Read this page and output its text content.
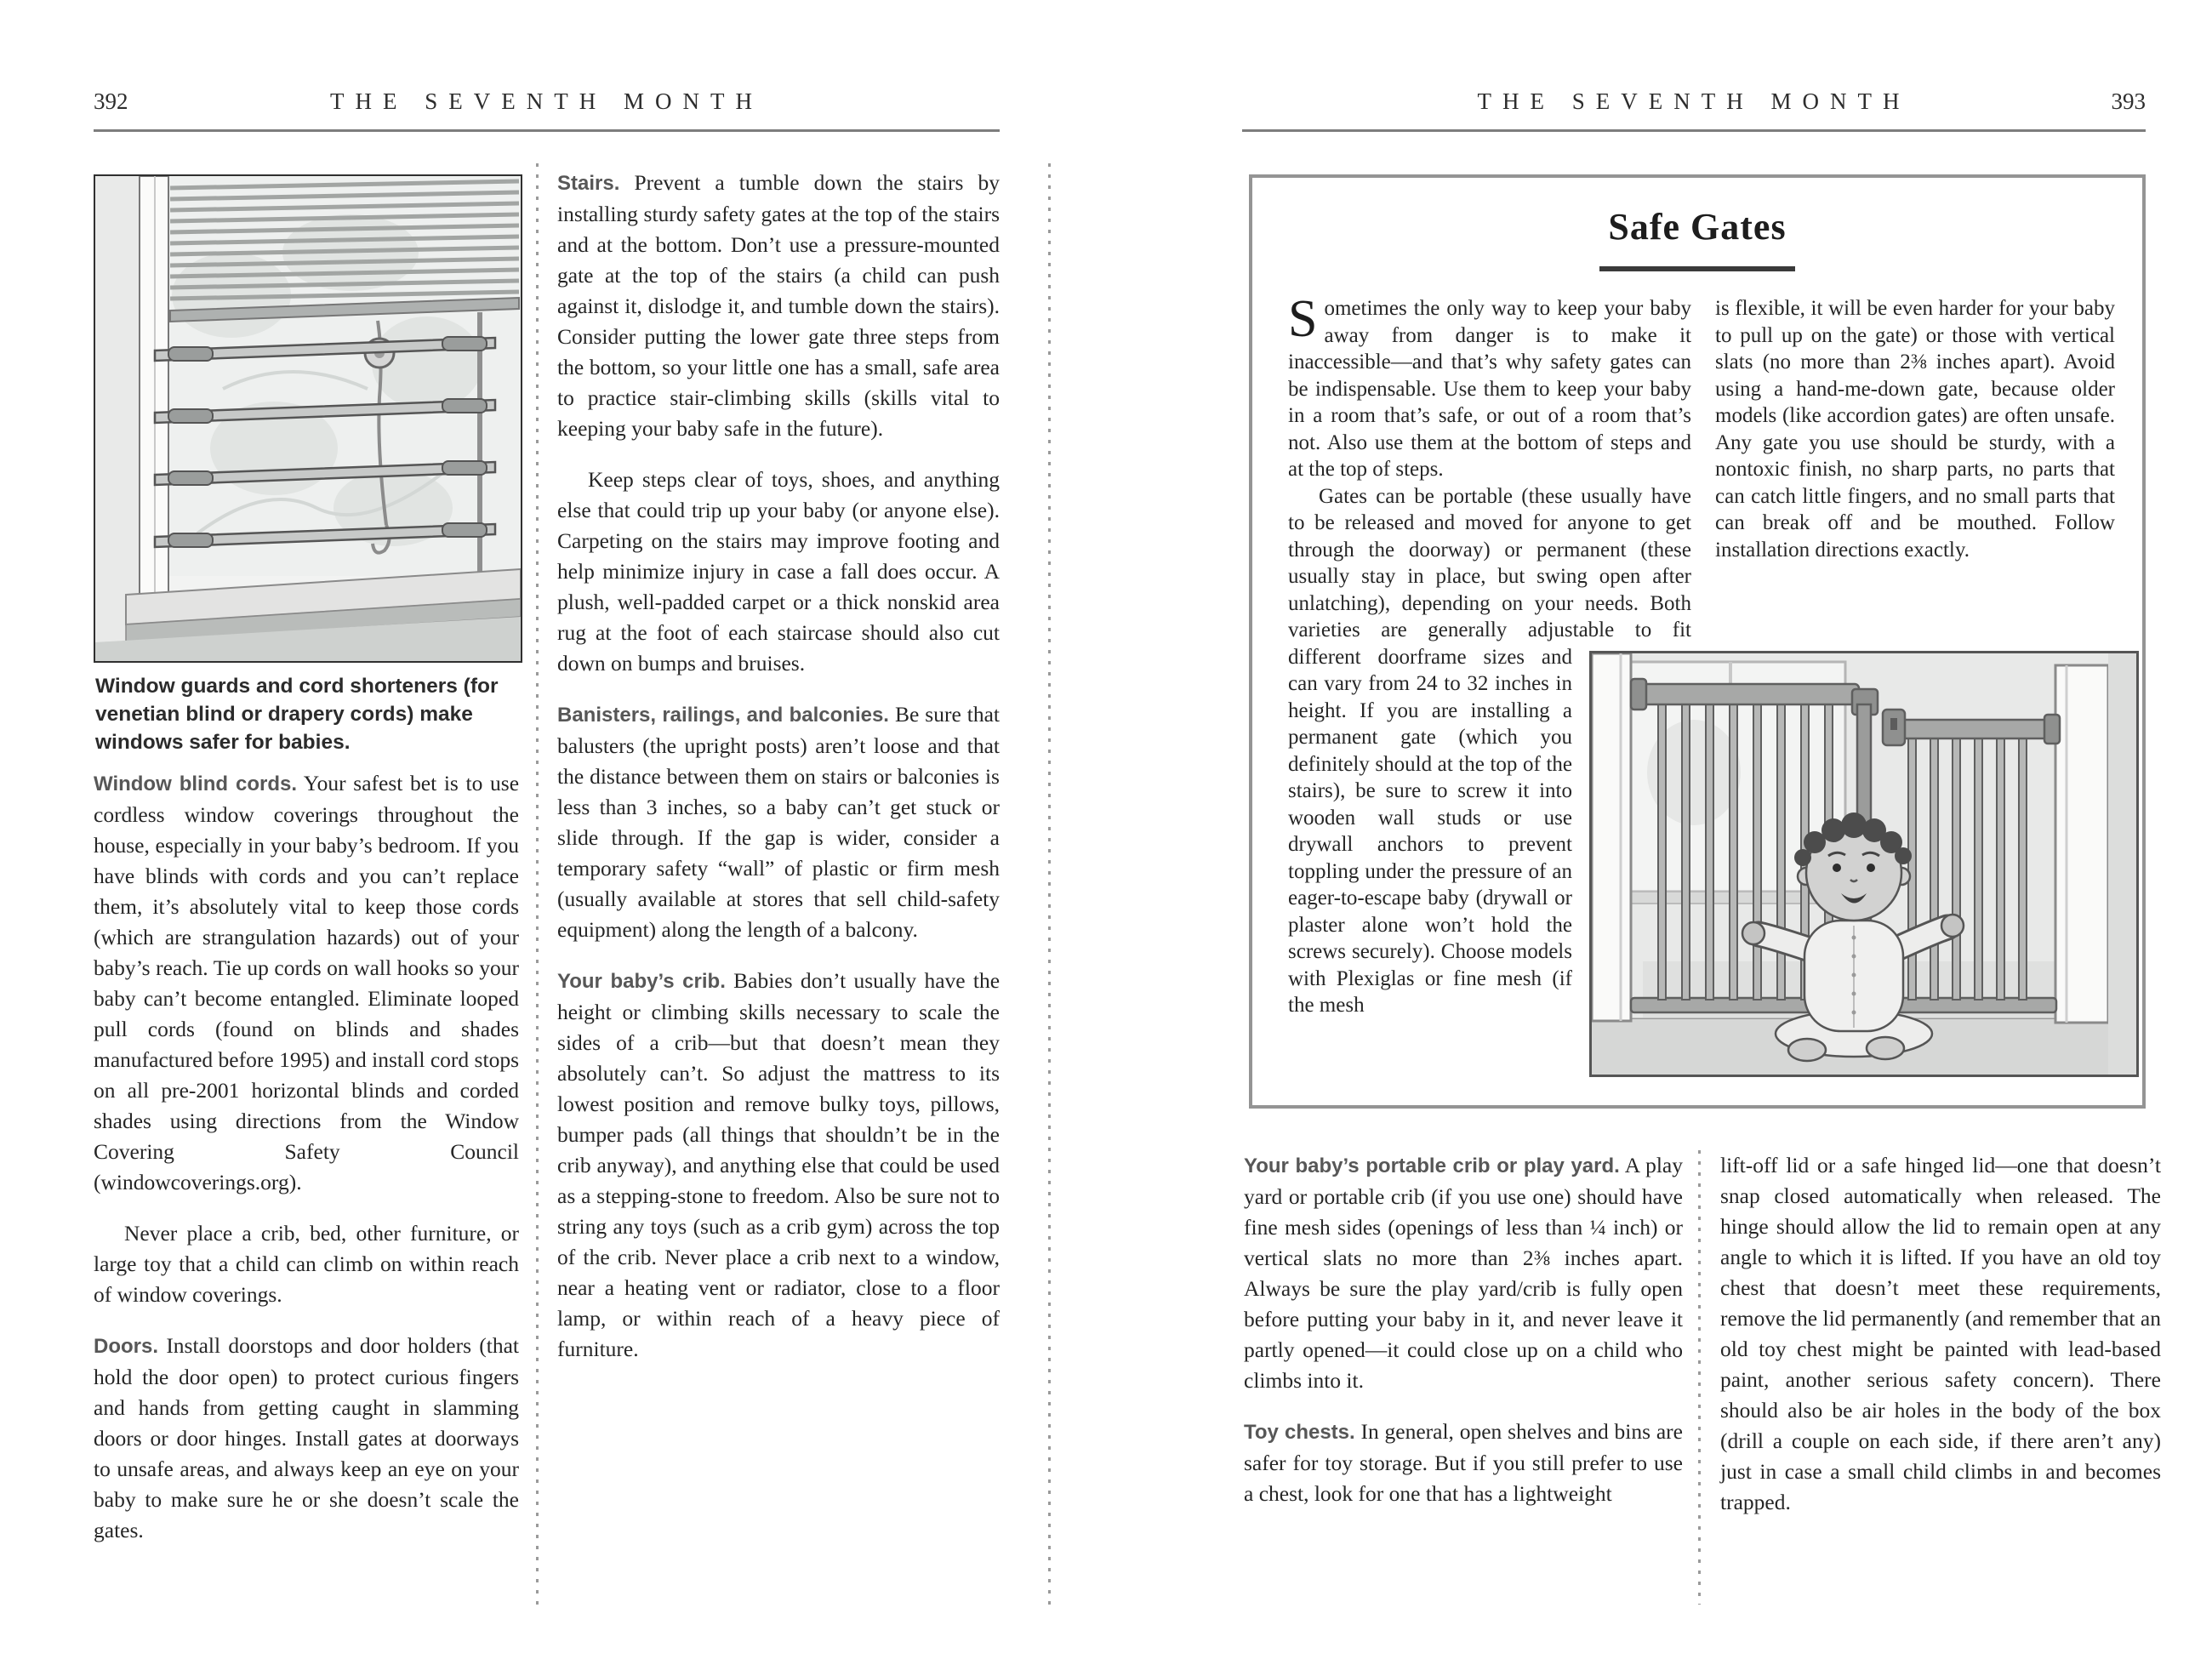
392	THE SEVENTH MONTH
Window guards and cord shorteners (for venetian blind or drapery cords) make windows safer for babies.

Window blind cords. Your safest bet is to use cordless window coverings throughout the house, especially in your baby’s bedroom. If you have blinds with cords and you can’t replace them, it’s absolutely vital to keep those cords (which are strangulation hazards) out of your baby’s reach. Tie up cords on wall hooks so your baby can’t become entangled. Eliminate looped pull cords (found on blinds and shades manufactured before 1995) and install cord stops on all pre-2001 horizontal blinds and corded shades using directions from the Window Covering Safety Council (windowcoverings.org).

Never place a crib, bed, other furniture, or large toy that a child can climb on within reach of window coverings.

Doors. Install doorstops and door holders (that hold the door open) to protect curious fingers and hands from getting caught in slamming doors or door hinges. Install gates at doorways to unsafe areas, and always keep an eye on your baby to make sure he or she doesn’t scale the gates.

Stairs. Prevent a tumble down the stairs by installing sturdy safety gates at the top of the stairs and at the bottom. Don’t use a pressure-mounted gate at the top of the stairs (a child can push against it, dislodge it, and tumble down the stairs). Consider putting the lower gate three steps from the bottom, so your little one has a small, safe area to practice stair-climbing skills (skills vital to keeping your baby safe in the future).

Keep steps clear of toys, shoes, and anything else that could trip up your baby (or anyone else). Carpeting on the stairs may improve footing and help minimize injury in case a fall does occur. A plush, well-padded carpet or a thick nonskid area rug at the foot of each staircase should also cut down on bumps and bruises.

Banisters, railings, and balconies. Be sure that balusters (the upright posts) aren’t loose and that the distance between them on stairs or balconies is less than 3 inches, so a baby can’t get stuck or slide through. If the gap is wider, consider a temporary safety “wall” of plastic or firm mesh (usually available at stores that sell child-safety equipment) along the length of a balcony.

Your baby’s crib. Babies don’t usually have the height or climbing skills necessary to scale the sides of a crib—but that doesn’t mean they absolutely can’t. So adjust the mattress to its lowest position and remove bulky toys, pillows, bumper pads (all things that shouldn’t be in the crib anyway), and anything else that could be used as a stepping-stone to freedom. Also be sure not to string any toys (such as a crib gym) across the top of the crib. Never place a crib next to a window, near a heating vent or radiator, close to a floor lamp, or within reach of a heavy piece of furniture.

THE SEVENTH MONTH	393
Safe Gates

Sometimes the only way to keep your baby away from danger is to make it inaccessible—and that’s why safety gates can be indispensable. Use them to keep your baby in a room that’s safe, or out of a room that’s not. Also use them at the bottom of steps and at the top of steps.

Gates can be portable (these usually have to be released and moved for anyone to get through the doorway) or permanent (these usually stay in place, but swing open after unlatching), depending on your needs. Both varieties are generally adjustable to fit different doorframe sizes and can vary from 24 to 32 inches in height. If you are installing a permanent gate (which you definitely should at the top of the stairs), be sure to screw it into wooden wall studs or use drywall anchors to prevent toppling under the pressure of an eager-to-escape baby (drywall or plaster alone won’t hold the screws securely). Choose models with Plexiglas or fine mesh (if the mesh

is flexible, it will be even harder for your baby to pull up on the gate) or those with vertical slats (no more than 2⅜ inches apart). Avoid using a hand-me-down gate, because older models (like accordion gates) are often unsafe. Any gate you use should be sturdy, with a nontoxic finish, no sharp parts, no parts that can catch little fingers, and no small parts that can break off and be mouthed. Follow installation directions exactly.

Your baby’s portable crib or play yard. A play yard or portable crib (if you use one) should have fine mesh sides (openings of less than ¼ inch) or vertical slats no more than 2⅜ inches apart. Always be sure the play yard/crib is fully open before putting your baby in it, and never leave it partly opened—it could close up on a child who climbs into it.

Toy chests. In general, open shelves and bins are safer for toy storage. But if you still prefer to use a chest, look for one that has a lightweight

lift-off lid or a safe hinged lid—one that doesn’t snap closed automatically when released. The hinge should allow the lid to remain open at any angle to which it is lifted. If you have an old toy chest that doesn’t meet these requirements, remove the lid permanently (and remember that an old toy chest might be painted with lead-based paint, another serious safety concern). There should also be air holes in the body of the box (drill a couple on each side, if there aren’t any) just in case a small child climbs in and becomes trapped.
